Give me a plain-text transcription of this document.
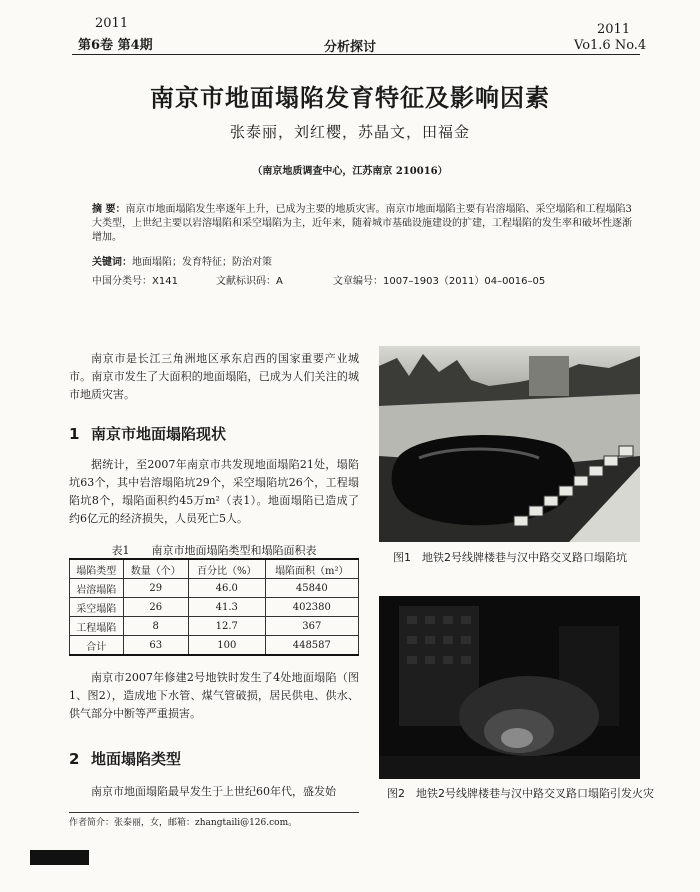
2011
第6卷 第4期	分析探讨
2011
Vo1.6 No.4
南京市地面塌陷发育特征及影响因素
张泰丽，刘红樱，苏晶文，田福金
（南京地质调查中心，江苏南京 210016）
摘 要：南京市地面塌陷发生率逐年上升，已成为主要的地质灾害。南京市地面塌陷主要有岩溶塌陷、采空塌陷和工程塌陷3大类型，上世纪主要以岩溶塌陷和采空塌陷为主，近年来，随着城市基础设施建设的扩建，工程塌陷的发生率和破坏性逐渐增加。
关键词：地面塌陷；发育特征；防治对策
中国分类号：X141	文献标识码：A	文章编号：1007–1903（2011）04–0016–05
南京市是长江三角洲地区承东启西的国家重要产业城市。南京市发生了大面积的地面塌陷，已成为人们关注的城市地质灾害。
1 南京市地面塌陷现状
据统计，至2007年南京市共发现地面塌陷21处，塌陷坑63个，其中岩溶塌陷坑29个，采空塌陷坑26个，工程塌陷坑8个，塌陷面积约45万m²（表1）。地面塌陷已造成了约6亿元的经济损失，人员死亡5人。
表1　　南京市地面塌陷类型和塌陷面积表
塌陷类型	数量（个）	百分比（%）	塌陷面积（m²）
岩溶塌陷	29	46.0	45840
采空塌陷	26	41.3	402380
工程塌陷	8	12.7	367
合计	63	100	448587
南京市2007年修建2号地铁时发生了4处地面塌陷（图1、图2），造成地下水管、煤气管破损，居民供电、供水、供气部分中断等严重损害。
2 地面塌陷类型
南京市地面塌陷最早发生于上世纪60年代，盛发始
作者简介：张泰丽，女，邮箱：zhangtaili@126.com。
图1　地铁2号线牌楼巷与汉中路交叉路口塌陷坑
图2　地铁2号线牌楼巷与汉中路交叉路口塌陷引发火灾
